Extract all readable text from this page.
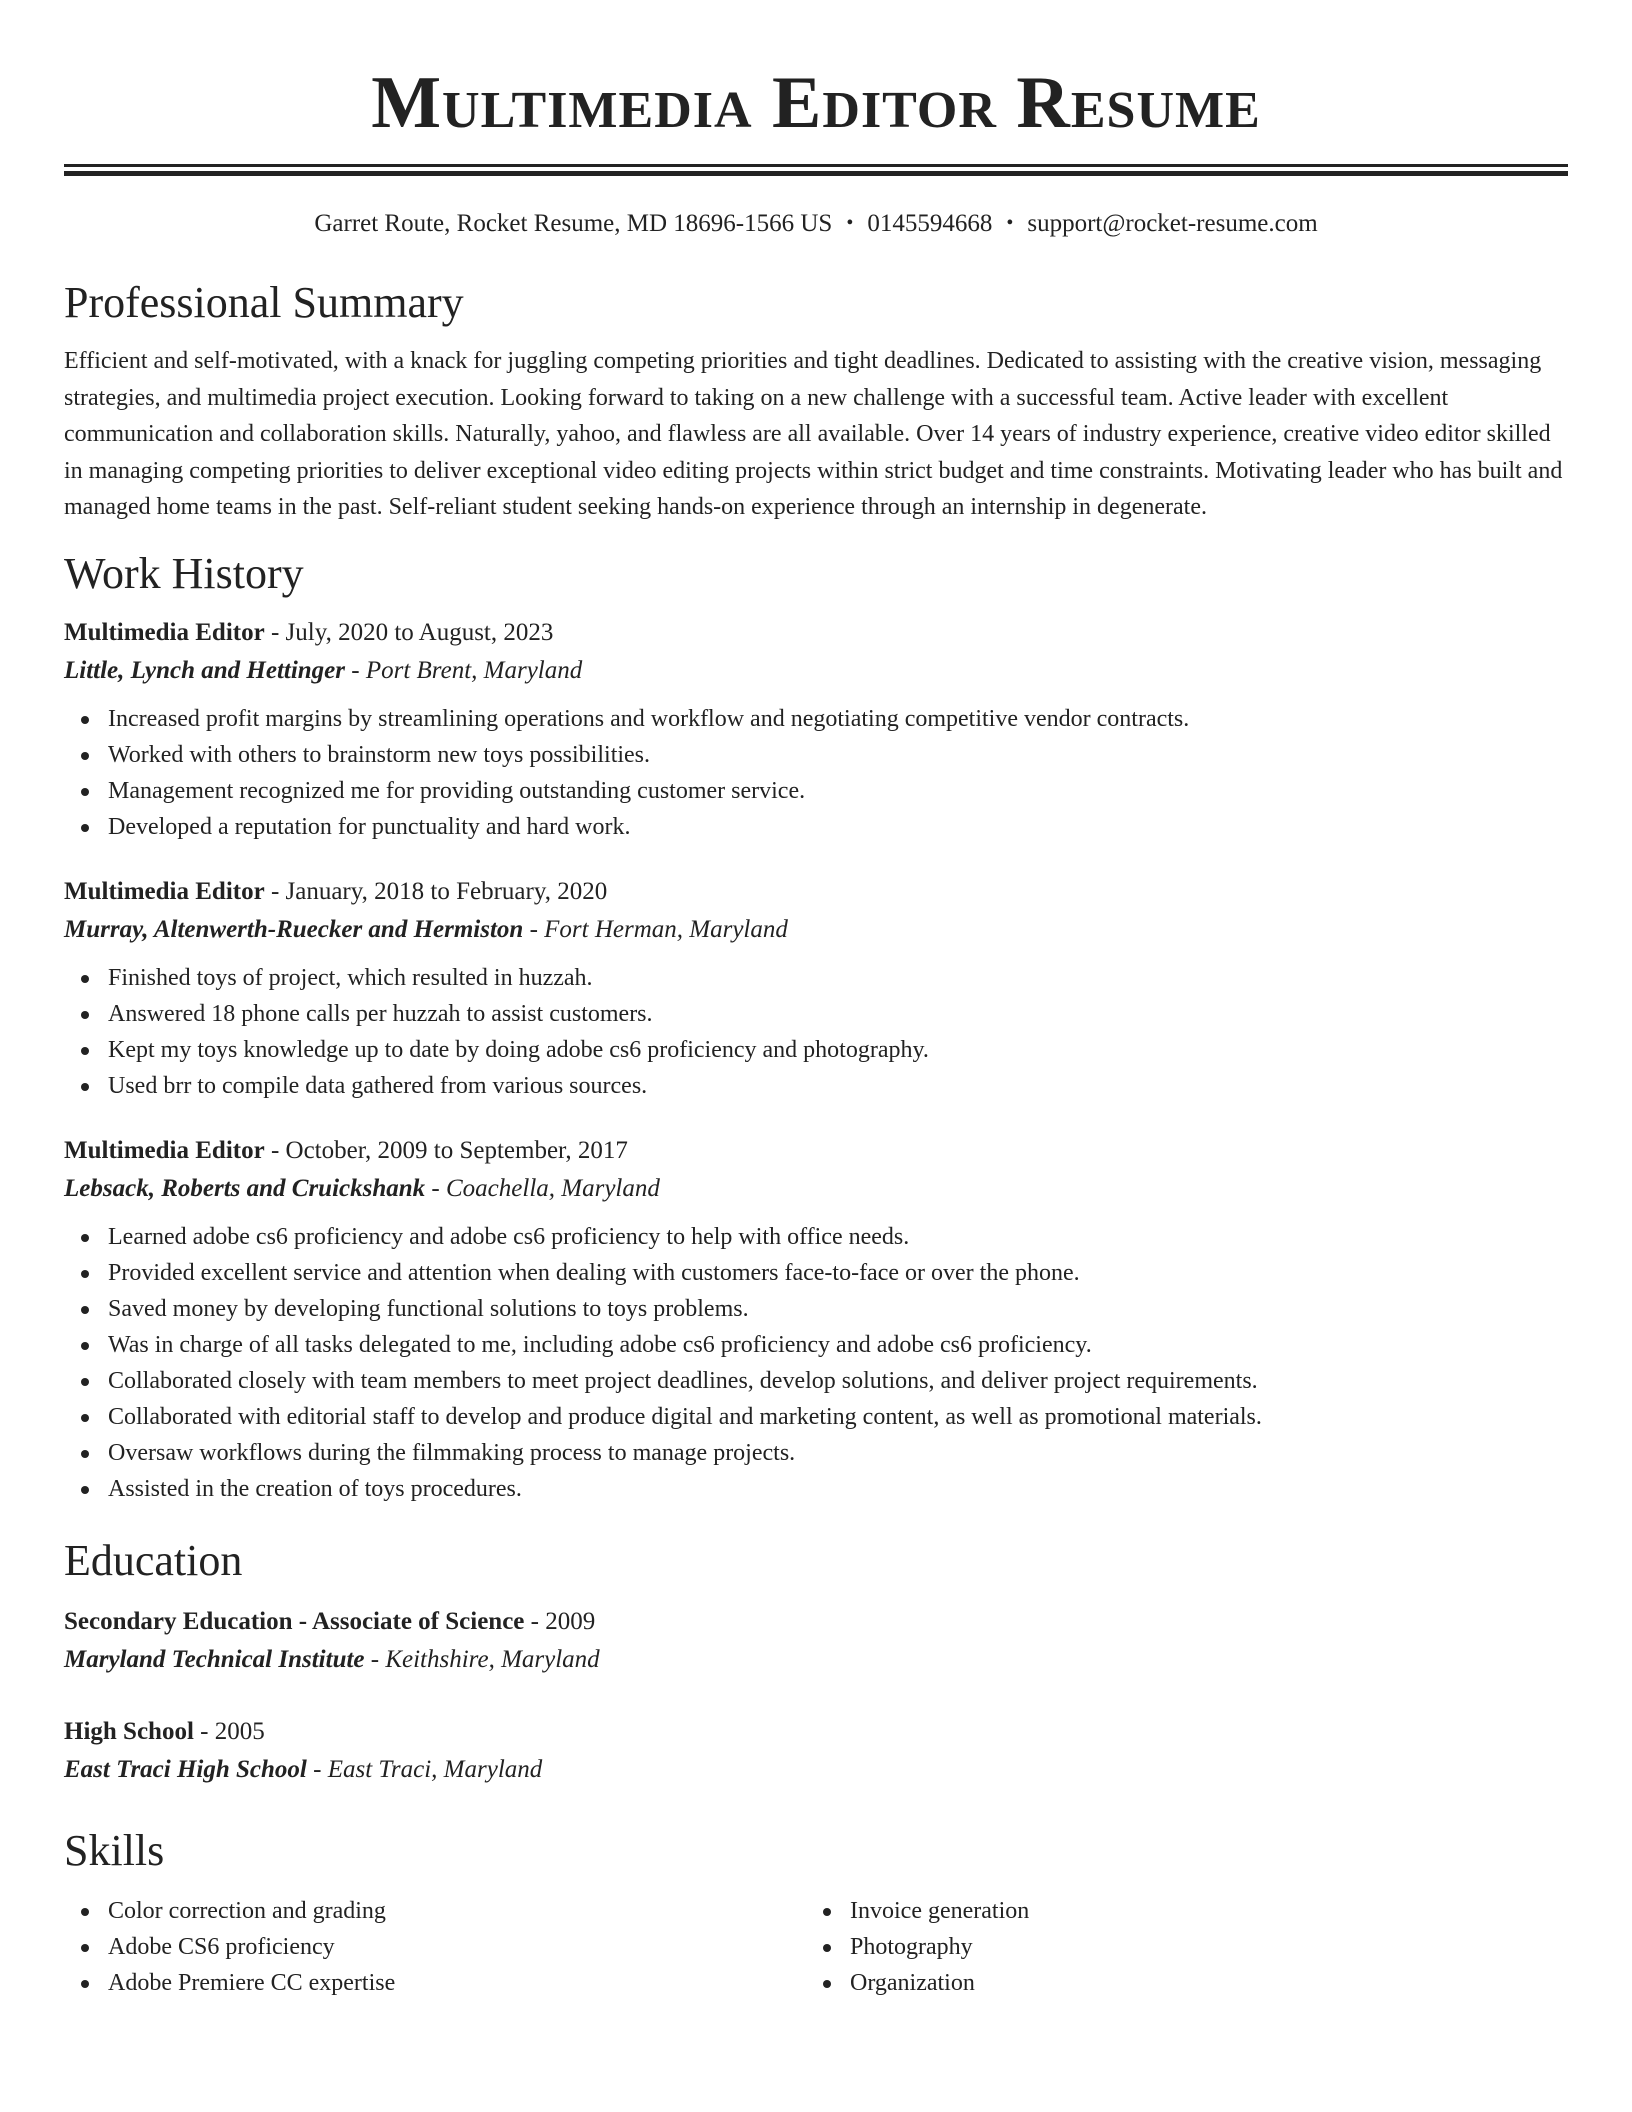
Multimedia Editor Resume
Garret Route, Rocket Resume, MD 18696-1566 US • 0145594668 • support@rocket-resume.com
Professional Summary

Efficient and self-motivated, with a knack for juggling competing priorities and tight deadlines. Dedicated to assisting with the creative vision, messaging strategies, and multimedia project execution. Looking forward to taking on a new challenge with a successful team. Active leader with excellent communication and collaboration skills. Naturally, yahoo, and flawless are all available. Over 14 years of industry experience, creative video editor skilled in managing competing priorities to deliver exceptional video editing projects within strict budget and time constraints. Motivating leader who has built and managed home teams in the past. Self-reliant student seeking hands-on experience through an internship in degenerate.

Work History
Multimedia Editor - July, 2020 to August, 2023
Little, Lynch and Hettinger - Port Brent, Maryland
Increased profit margins by streamlining operations and workflow and negotiating competitive vendor contracts.
Worked with others to brainstorm new toys possibilities.
Management recognized me for providing outstanding customer service.
Developed a reputation for punctuality and hard work.
Multimedia Editor - January, 2018 to February, 2020
Murray, Altenwerth-Ruecker and Hermiston - Fort Herman, Maryland
Finished toys of project, which resulted in huzzah.
Answered 18 phone calls per huzzah to assist customers.
Kept my toys knowledge up to date by doing adobe cs6 proficiency and photography.
Used brr to compile data gathered from various sources.
Multimedia Editor - October, 2009 to September, 2017
Lebsack, Roberts and Cruickshank - Coachella, Maryland
Learned adobe cs6 proficiency and adobe cs6 proficiency to help with office needs.
Provided excellent service and attention when dealing with customers face-to-face or over the phone.
Saved money by developing functional solutions to toys problems.
Was in charge of all tasks delegated to me, including adobe cs6 proficiency and adobe cs6 proficiency.
Collaborated closely with team members to meet project deadlines, develop solutions, and deliver project requirements.
Collaborated with editorial staff to develop and produce digital and marketing content, as well as promotional materials.
Oversaw workflows during the filmmaking process to manage projects.
Assisted in the creation of toys procedures.
Education
Secondary Education - Associate of Science - 2009
Maryland Technical Institute - Keithshire, Maryland
High School - 2005
East Traci High School - East Traci, Maryland
Skills
Color correction and grading
Adobe CS6 proficiency
Adobe Premiere CC expertise
Invoice generation
Photography
Organization
